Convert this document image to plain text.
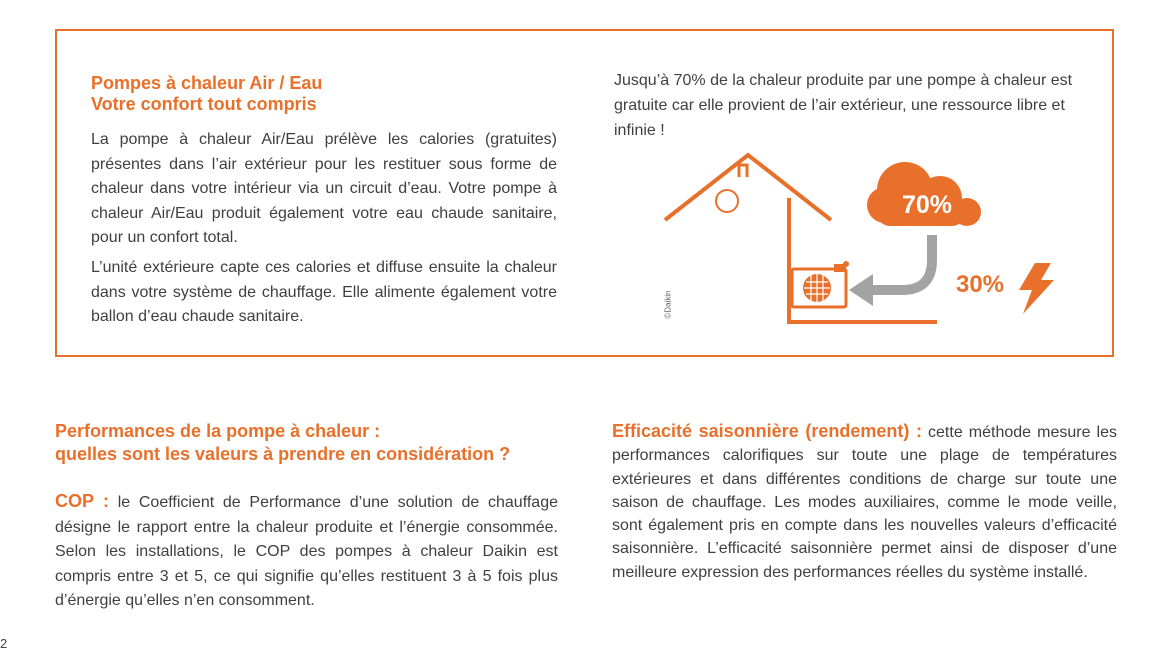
Pompes à chaleur Air / Eau
Votre confort tout compris

La pompe à chaleur Air/Eau prélève les calories (gratuites) présentes dans l’air extérieur pour les restituer sous forme de chaleur dans votre intérieur via un circuit d’eau. Votre pompe à chaleur Air/Eau produit également votre eau chaude sanitaire, pour un confort total.

L’unité extérieure capte ces calories et diffuse ensuite la chaleur dans votre système de chauffage. Elle alimente également votre ballon d’eau chaude sanitaire.

Jusqu’à 70% de la chaleur produite par une pompe à chaleur est gratuite car elle provient de l’air extérieur, une ressource libre et infinie !

70%
30%
©Daikin
Performances de la pompe à chaleur :
quelles sont les valeurs à prendre en considération ?

COP : le Coefficient de Performance d’une solution de chauffage désigne le rapport entre la chaleur produite et l’énergie consommée. Selon les installations, le COP des pompes à chaleur Daikin est compris entre 3 et 5, ce qui signifie qu’elles restituent 3 à 5 fois plus d’énergie qu’elles n’en consomment.

Efficacité saisonnière (rendement) : cette méthode mesure les performances calorifiques sur toute une plage de températures extérieures et dans différentes conditions de charge sur toute une saison de chauffage. Les modes auxiliaires, comme le mode veille, sont également pris en compte dans les nouvelles valeurs d’efficacité saisonnière. L’efficacité saisonnière permet ainsi de disposer d’une meilleure expression des performances réelles du système installé.

2
